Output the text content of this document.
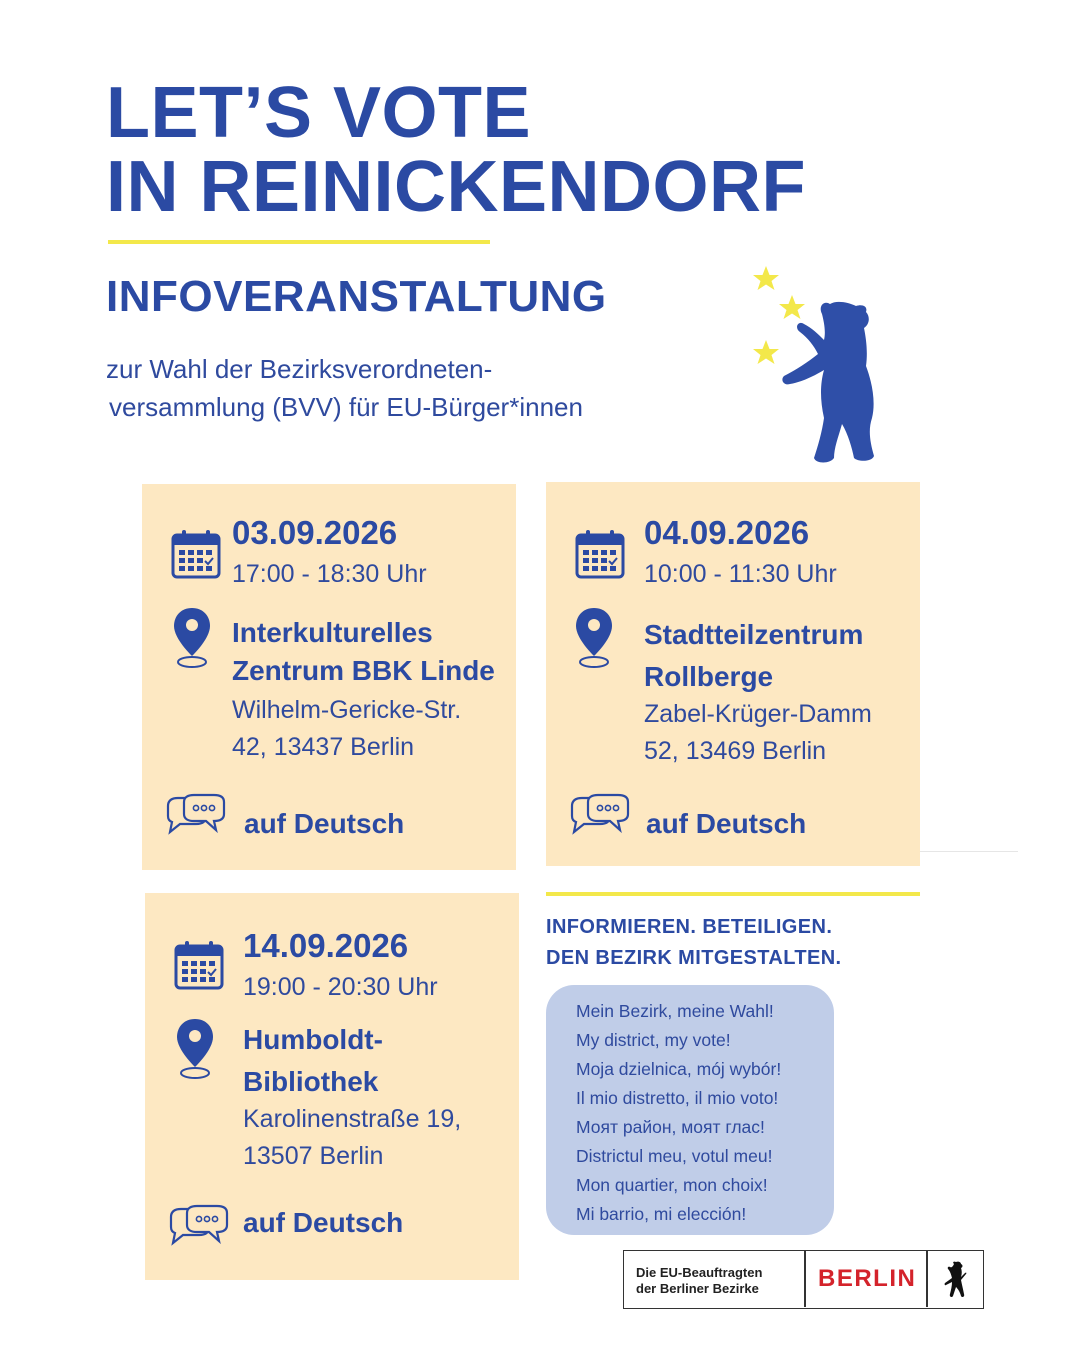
LET’S VOTE
IN REINICKENDORF
INFOVERANSTALTUNG
zur Wahl der Bezirksverordneten-
versammlung (BVV) für EU-Bürger*innen
03.09.2026
17:00 - 18:30 Uhr
Interkulturelles
Zentrum BBK Linde
Wilhelm-Gericke-Str.
42, 13437 Berlin
auf Deutsch
04.09.2026
10:00 - 11:30 Uhr
Stadtteilzentrum
Rollberge
Zabel-Krüger-Damm
52, 13469 Berlin
auf Deutsch
14.09.2026
19:00 - 20:30 Uhr
Humboldt-
Bibliothek
Karolinenstraße 19,
13507 Berlin
auf Deutsch
INFORMIEREN. BETEILIGEN.
DEN BEZIRK MITGESTALTEN.
Mein Bezirk, meine Wahl!
My district, my vote!
Moja dzielnica, mój wybór!
Il mio distretto, il mio voto!
Моят район, моят глас!
Districtul meu, votul meu!
Mon quartier, mon choix!
Mi barrio, mi elección!
Die EU-Beauftragten
der Berliner Bezirke BERLIN
